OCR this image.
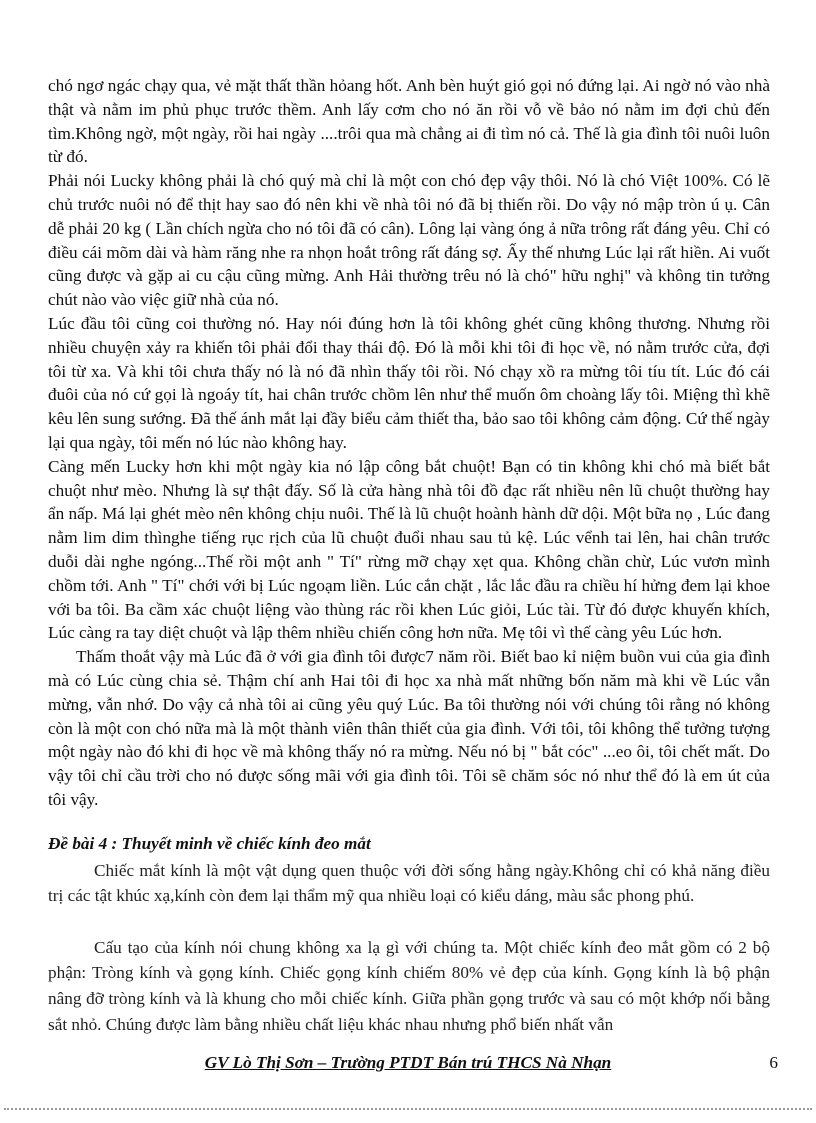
chó ngơ ngác chạy qua, vẻ mặt thất thần hỏang hốt. Anh bèn huýt gió gọi nó đứng lại. Ai ngờ nó vào nhà thật và nằm im phủ phục trước thềm. Anh lấy cơm cho nó ăn rồi vỗ về bảo nó nằm im đợi chủ đến tìm.Không ngờ, một ngày, rồi hai ngày ....trôi qua mà chẳng ai đi tìm nó cả. Thế là gia đình tôi nuôi luôn từ đó.

Phải nói Lucky không phải là chó quý mà chỉ là một con chó đẹp vậy thôi. Nó là chó Việt 100%. Có lẽ chủ trước nuôi nó để thịt hay sao đó nên khi về nhà tôi nó đã bị thiến rồi. Do vậy nó mập tròn ú ụ. Cân dễ phải 20 kg ( Lần chích ngừa cho nó tôi đã có cân). Lông lại vàng óng ả nữa trông rất đáng yêu. Chỉ có điều cái mõm dài và hàm răng nhe ra nhọn hoắt trông rất đáng sợ. Ấy thế nhưng Lúc lại rất hiền. Ai vuốt cũng được và gặp ai cu cậu cũng mừng. Anh Hải thường trêu nó là chó" hữu nghị" và không tin tưởng chút nào vào việc giữ nhà của nó.

Lúc đầu tôi cũng coi thường nó. Hay nói đúng hơn là tôi không ghét cũng không thương. Nhưng rồi nhiều chuyện xảy ra khiến tôi phải đổi thay thái độ. Đó là mỗi khi tôi đi học về, nó nằm trước cửa, đợi tôi từ xa. Và khi tôi chưa thấy nó là nó đã nhìn thấy tôi rồi. Nó chạy xồ ra mừng tôi tíu tít. Lúc đó cái đuôi của nó cứ gọi là ngoáy tít, hai chân trước chồm lên như thể muốn ôm choàng lấy tôi. Miệng thì khẽ kêu lên sung sướng. Đã thế ánh mắt lại đầy biểu cảm thiết tha, bảo sao tôi không cảm động. Cứ thế ngày lại qua ngày, tôi mến nó lúc nào không hay.

Càng mến Lucky hơn khi một ngày kia nó lập công bắt chuột! Bạn có tin không khi chó mà biết bắt chuột như mèo. Nhưng là sự thật đấy. Số là cửa hàng nhà tôi đồ đạc rất nhiều nên lũ chuột thường hay ẩn nấp. Má lại ghét mèo nên không chịu nuôi. Thế là lũ chuột hoành hành dữ dội. Một bữa nọ , Lúc đang nằm lim dim thìnghe tiếng rục rịch của lũ chuột đuổi nhau sau tủ kệ. Lúc vểnh tai lên, hai chân trước duỗi dài nghe ngóng...Thế rồi một anh " Tí" rừng mỡ chạy xẹt qua. Không chần chừ, Lúc vươn mình chồm tới. Anh " Tí" chới với bị Lúc ngoạm liền. Lúc cắn chặt , lắc lắc đầu ra chiều hí hửng đem lại khoe với ba tôi. Ba cầm xác chuột liệng vào thùng rác rồi khen Lúc giỏi, Lúc tài. Từ đó được khuyến khích, Lúc càng ra tay diệt chuột và lập thêm nhiều chiến công hơn nữa. Mẹ tôi vì thế càng yêu Lúc hơn.

Thấm thoắt vậy mà Lúc đã ở với gia đình tôi được7 năm rồi. Biết bao kỉ niệm buồn vui của gia đình mà có Lúc cùng chia sẻ. Thậm chí anh Hai tôi đi học xa nhà mất những bốn năm mà khi về Lúc vẫn mừng, vẫn nhớ. Do vậy cả nhà tôi ai cũng yêu quý Lúc. Ba tôi thường nói với chúng tôi rằng nó không còn là một con chó nữa mà là một thành viên thân thiết của gia đình. Với tôi, tôi không thể tưởng tượng một ngày nào đó khi đi học về mà không thấy nó ra mừng. Nếu nó bị " bắt cóc" ...eo ôi, tôi chết mất. Do vậy tôi chỉ cầu trời cho nó được sống mãi với gia đình tôi. Tôi sẽ chăm sóc nó như thể đó là em út của tôi vậy.

Đề bài 4 : Thuyết minh về chiếc kính đeo mắt

Chiếc mắt kính là một vật dụng quen thuộc với đời sống hằng ngày.Không chỉ có khả năng điều trị các tật khúc xạ,kính còn đem lại thẩm mỹ qua nhiều loại có kiểu dáng, màu sắc phong phú.

Cấu tạo của kính nói chung không xa lạ gì với chúng ta. Một chiếc kính đeo mắt gồm có 2 bộ phận: Tròng kính và gọng kính. Chiếc gọng kính chiếm 80% vẻ đẹp của kính. Gọng kính là bộ phận nâng đỡ tròng kính và là khung cho mỗi chiếc kính. Giữa phần gọng trước và sau có một khớp nối bằng sắt nhỏ. Chúng được làm bằng nhiều chất liệu khác nhau nhưng phổ biến nhất vẫn

GV Lò Thị Sơn – Trường PTDT Bán trú THCS Nà Nhạn	6
